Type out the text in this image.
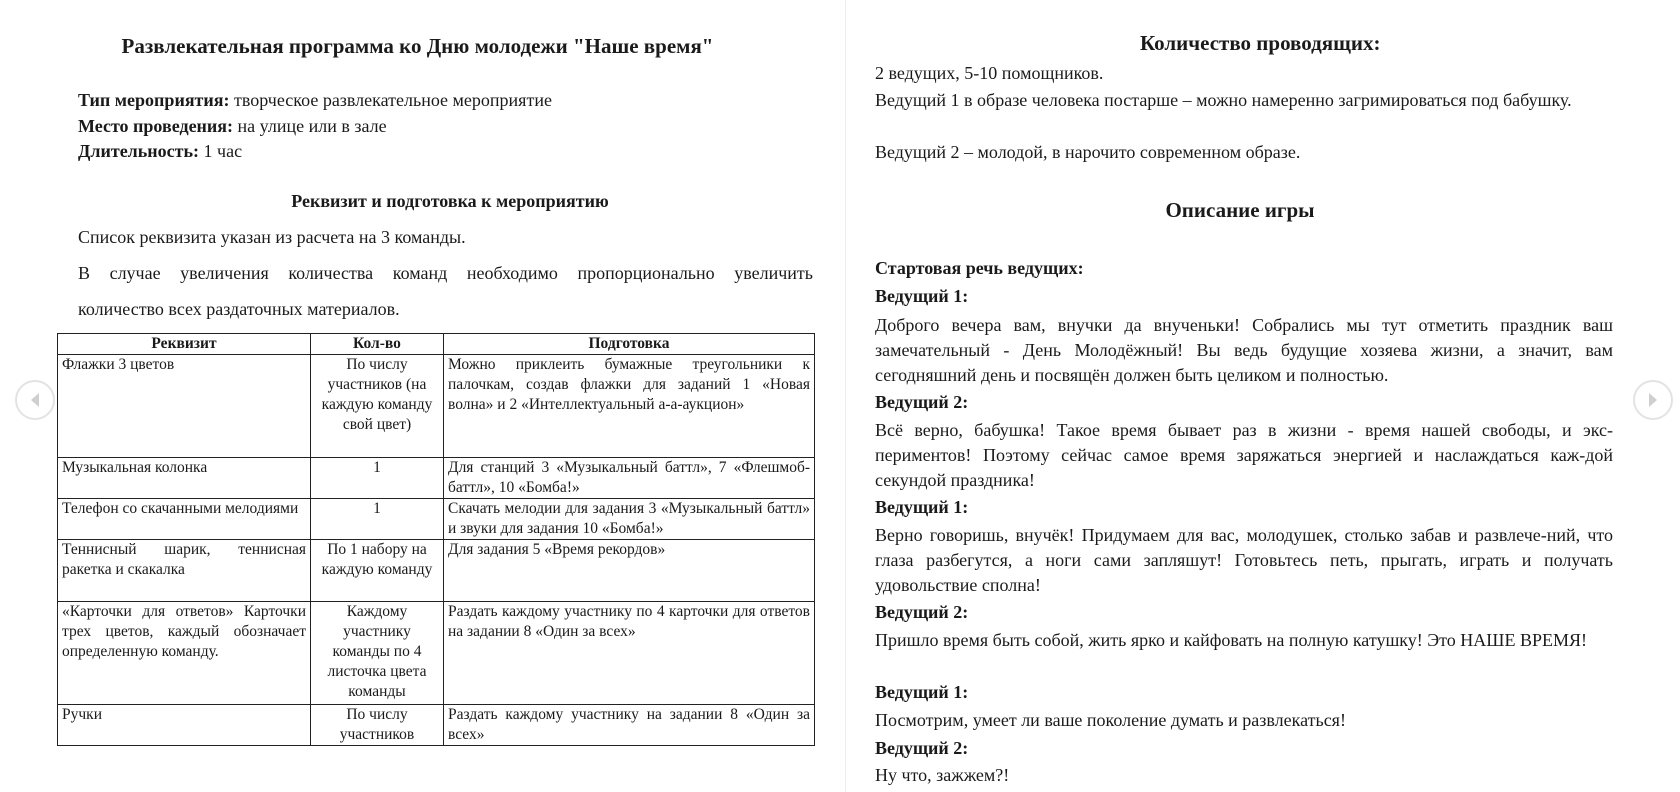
Развлекательная программа ко Дню молодежи "Наше время"
Тип мероприятия: творческое развлекательное мероприятие
Место проведения: на улице или в зале
Длительность: 1 час
Реквизит и подготовка к мероприятию
Список реквизита указан из расчета на 3 команды.
В случае увеличения количества команд необходимо пропорционально увеличить
количество всех раздаточных материалов.
Реквизит	Кол-во	Подготовка
Флажки 3 цветов	По числу участников (на каждую команду свой цвет)	Можно приклеить бумажные треугольники к палочкам, создав флажки для заданий 1 «Новая волна» и 2 «Интеллектуальный а-а-аукцион»
Музыкальная колонка	1	Для станций 3 «Музыкальный баттл», 7 «Флешмоб-баттл», 10 «Бомба!»
Телефон со скачанными мелодиями	1	Скачать мелодии для задания 3 «Музыкальный баттл» и звуки для задания 10 «Бомба!»
Теннисный шарик, теннисная ракетка и скакалка	По 1 набору на каждую команду	Для задания 5 «Время рекордов»
«Карточки для ответов» Карточки трех цветов, каждый обозначает определенную команду.	Каждому участнику команды по 4 листочка цвета команды	Раздать каждому участнику по 4 карточки для ответов на задании 8 «Один за всех»
Ручки	По числу участников	Раздать каждому участнику на задании 8 «Один за всех»
Количество проводящих:
2 ведущих, 5-10 помощников.
Ведущий 1 в образе человека постарше – можно намеренно загримироваться под бабушку.
Ведущий 2 – молодой, в нарочито современном образе.
Описание игры
Стартовая речь ведущих:
Ведущий 1:
Доброго вечера вам, внучки да внученьки! Собрались мы тут отметить праздник ваш замечательный - День Молодёжный! Вы ведь будущие хозяева жизни, а значит, вам сегодняшний день и посвящён должен быть целиком и полностью.
Ведущий 2:
Всё верно, бабушка! Такое время бывает раз в жизни - время нашей свободы, и экс-периментов! Поэтому сейчас самое время заряжаться энергией и наслаждаться каж-дой секундой праздника!
Ведущий 1:
Верно говоришь, внучёк! Придумаем для вас, молодушек, столько забав и развлече-ний, что глаза разбегутся, а ноги сами запляшут! Готовьтесь петь, прыгать, играть и получать удовольствие сполна!
Ведущий 2:
Пришло время быть собой, жить ярко и кайфовать на полную катушку! Это НАШЕ ВРЕМЯ!
Ведущий 1:
Посмотрим, умеет ли ваше поколение думать и развлекаться!
Ведущий 2:
Ну что, зажжем?!
